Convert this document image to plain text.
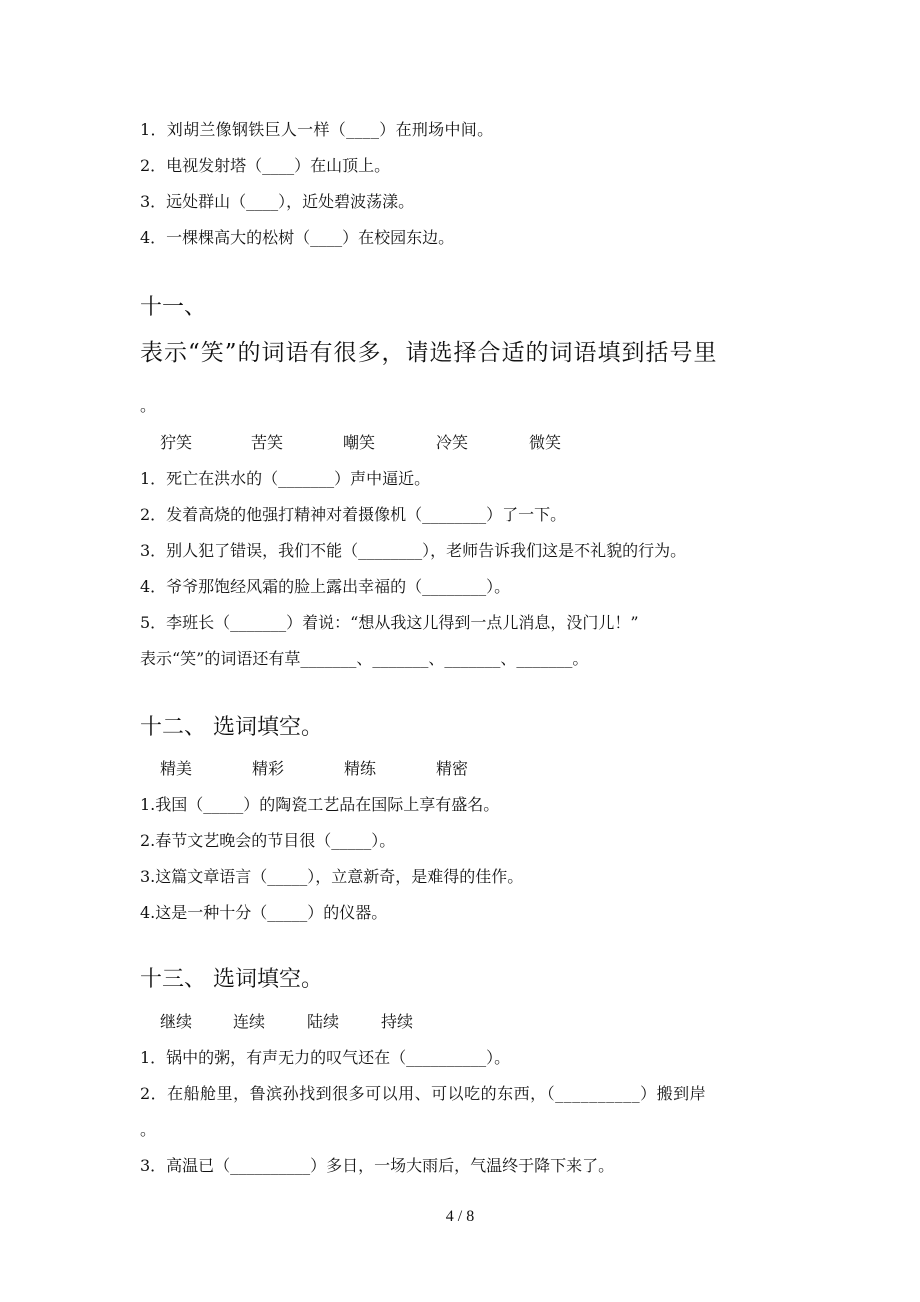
1．刘胡兰像钢铁巨人一样（____）在刑场中间。
2．电视发射塔（____）在山顶上。
3．远处群山（____），近处碧波荡漾。
4．一棵棵高大的松树（____）在校园东边。
十一、
表示“笑”的词语有很多，请选择合适的词语填到括号里
。
狞笑	苦笑	嘲笑	冷笑	微笑
1．死亡在洪水的（_______）声中逼近。
2．发着高烧的他强打精神对着摄像机（________）了一下。
3．别人犯了错误，我们不能（________），老师告诉我们这是不礼貌的行为。
4．爷爷那饱经风霜的脸上露出幸福的（________）。
5．李班长（_______）着说：“想从我这儿得到一点儿消息，没门儿！”
表示“笑”的词语还有草_______、_______、_______、_______。
十二、 选词填空。
精美	精彩	精练	精密
1.我国（_____）的陶瓷工艺品在国际上享有盛名。
2.春节文艺晚会的节目很（_____）。
3.这篇文章语言（_____），立意新奇，是难得的佳作。
4.这是一种十分（_____）的仪器。
十三、 选词填空。
继续	连续	陆续	持续
1．锅中的粥，有声无力的叹气还在（__________）。
2．在船舱里，鲁滨孙找到很多可以用、可以吃的东西，（__________）搬到岸
。
3．高温已（__________）多日，一场大雨后，气温终于降下来了。
4 / 8
